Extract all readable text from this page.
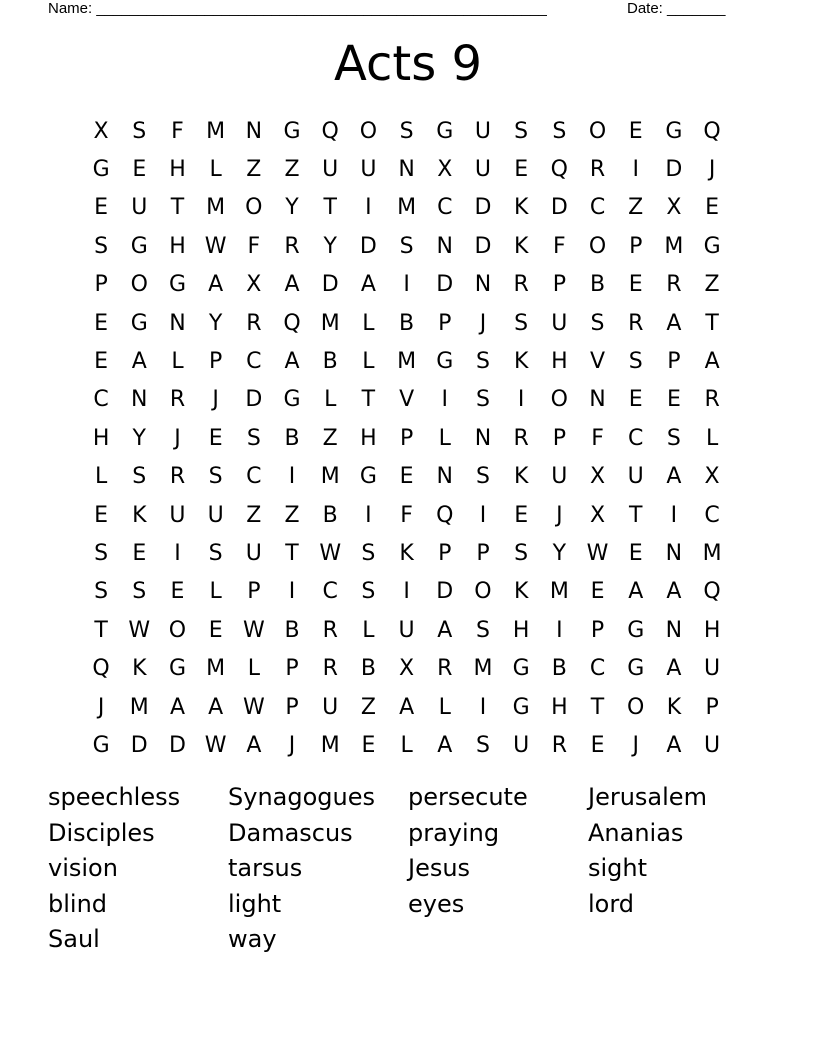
Name: ______________________________________________________

	Date: _______

Acts 9
X	S	F	M N G Q O	S	G U	S	S	O	E	G Q
G	E	H	L	Z	Z	U	U N	X	U	E	Q R	I	D	J
E	U	T M O	Y	T	I	M C	D	K	D	C	Z	X	E
S	G H W F	R	Y	D	S	N D	K	F	O	P	M G
P	O G	A	X	A	D	A	I	D N	R	P	B	E	R	Z
E	G N	Y	R Q M	L	B	P	J	S	U	S	R	A	T
E	A	L	P	C	A	B	L	M G	S	K	H	V	S	P	A
C	N	R	J	D G	L	T	V	I	S	I	O N	E	E	R
H	Y	J	E	S	B	Z	H	P	L	N	R	P	F	C	S	L
L	S	R	S	C	I	M G	E	N	S	K	U	X	U	A	X
E	K	U	U	Z	Z	B	I	F	Q	I	E	J	X	T	I	C
S	E	I	S	U	T W S	K	P	P	S	Y W E	N M
S	S	E	L	P	I	C	S	I	D O	K M E	A	A Q
T W O	E W B	R	L	U	A	S	H	I	P	G N H
Q	K	G M	L	P	R	B	X	R M G	B	C G	A	U
J	M A	A W P	U	Z	A	L	I	G H	T	O	K	P
G D D W A	J	M E	L	A	S	U	R	E	J	A	U
speechless	Synagogues	persecute	Jerusalem
Disciples	Damascus	praying	Ananias
vision	tarsus	Jesus	sight
blind	light	eyes	lord
Saul	way
